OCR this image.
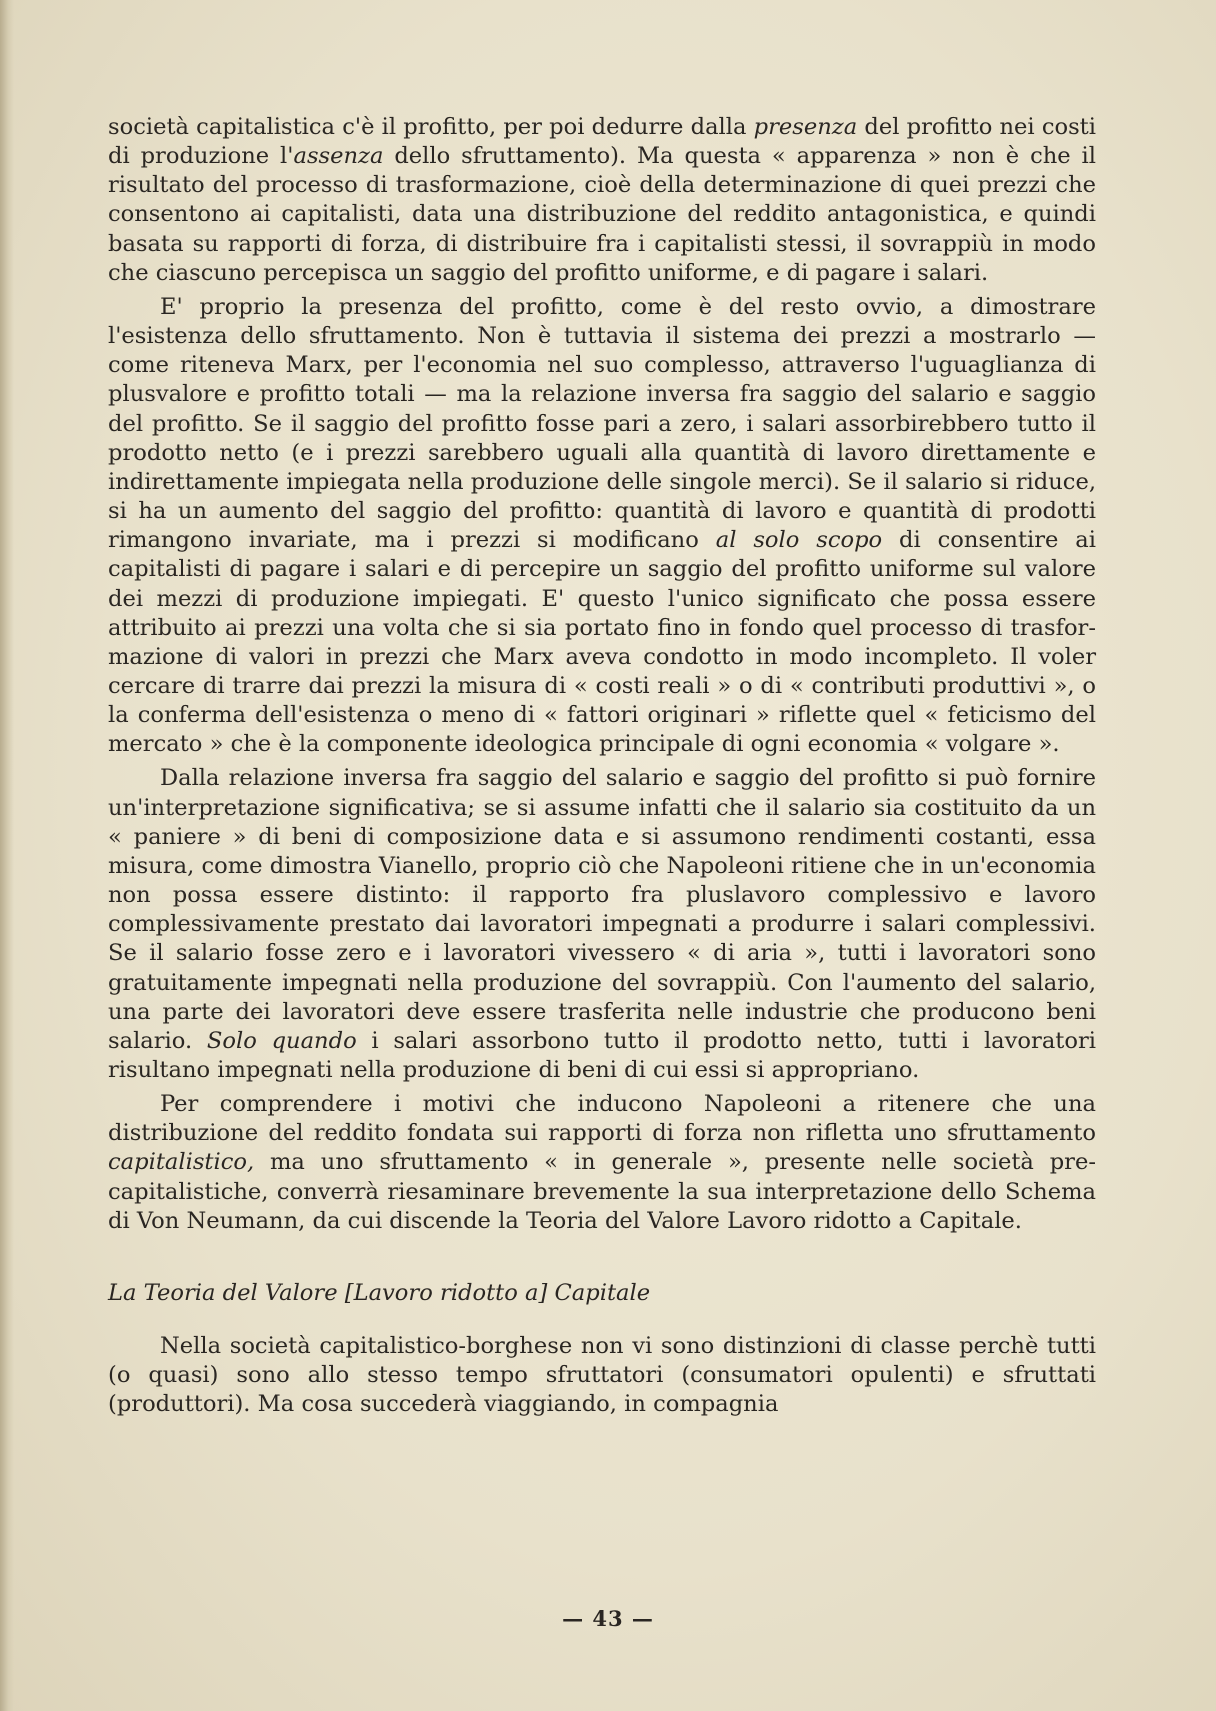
società capitalistica c'è il profitto, per poi dedurre dalla presenza del profitto nei costi di produzione l'assenza dello sfruttamento). Ma questa « apparenza » non è che il risultato del processo di trasformazione, cioè della determinazione di quei prezzi che consentono ai capitalisti, data una distribuzione del reddito antagonistica, e quindi basata su rapporti di forza, di distribuire fra i capitalisti stessi, il sovrappiù in modo che ciascuno percepisca un saggio del profitto uniforme, e di pagare i salari.

E' proprio la presenza del profitto, come è del resto ovvio, a dimostrare l'esistenza dello sfruttamento. Non è tuttavia il sistema dei prezzi a mostrarlo — come riteneva Marx, per l'economia nel suo complesso, attraverso l'uguaglianza di plusvalore e profitto totali — ma la relazione inversa fra saggio del salario e saggio del profitto. Se il saggio del profitto fosse pari a zero, i salari assorbirebbero tutto il prodotto netto (e i prezzi sarebbero uguali alla quantità di lavoro direttamente e indirettamente impiegata nella produzione delle singole merci). Se il salario si riduce, si ha un aumento del saggio del profitto: quantità di lavoro e quantità di prodotti rimangono invariate, ma i prezzi si modificano al solo scopo di consentire ai capitalisti di pagare i salari e di percepire un saggio del profitto uniforme sul valore dei mezzi di produzione impiegati. E' questo l'unico significato che possa essere attribuito ai prezzi una volta che si sia portato fino in fondo quel processo di trasformazione di valori in prezzi che Marx aveva condotto in modo incompleto. Il voler cercare di trarre dai prezzi la misura di « costi reali » o di « contributi produttivi », o la conferma dell'esistenza o meno di « fattori originari » riflette quel « feticismo del mercato » che è la componente ideologica principale di ogni economia « volgare ».

Dalla relazione inversa fra saggio del salario e saggio del profitto si può fornire un'interpretazione significativa; se si assume infatti che il salario sia costituito da un « paniere » di beni di composizione data e si assumono rendimenti costanti, essa misura, come dimostra Vianello, proprio ciò che Napoleoni ritiene che in un'economia non possa essere distinto: il rapporto fra pluslavoro complessivo e lavoro complessivamente prestato dai lavoratori impegnati a produrre i salari complessivi. Se il salario fosse zero e i lavoratori vivessero « di aria », tutti i lavoratori sono gratuitamente impegnati nella produzione del sovrappiù. Con l'aumento del salario, una parte dei lavoratori deve essere trasferita nelle industrie che producono beni salario. Solo quando i salari assorbono tutto il prodotto netto, tutti i lavoratori risultano impegnati nella produzione di beni di cui essi si appropriano.

Per comprendere i motivi che inducono Napoleoni a ritenere che una distribuzione del reddito fondata sui rapporti di forza non rifletta uno sfruttamento capitalistico, ma uno sfruttamento « in generale », presente nelle società pre-capitalistiche, converrà riesaminare brevemente la sua interpretazione dello Schema di Von Neumann, da cui discende la Teoria del Valore Lavoro ridotto a Capitale.

La Teoria del Valore [Lavoro ridotto a] Capitale

Nella società capitalistico-borghese non vi sono distinzioni di classe perchè tutti (o quasi) sono allo stesso tempo sfruttatori (consumatori opulenti) e sfruttati (produttori). Ma cosa succederà viaggiando, in compagnia

— 43 —
